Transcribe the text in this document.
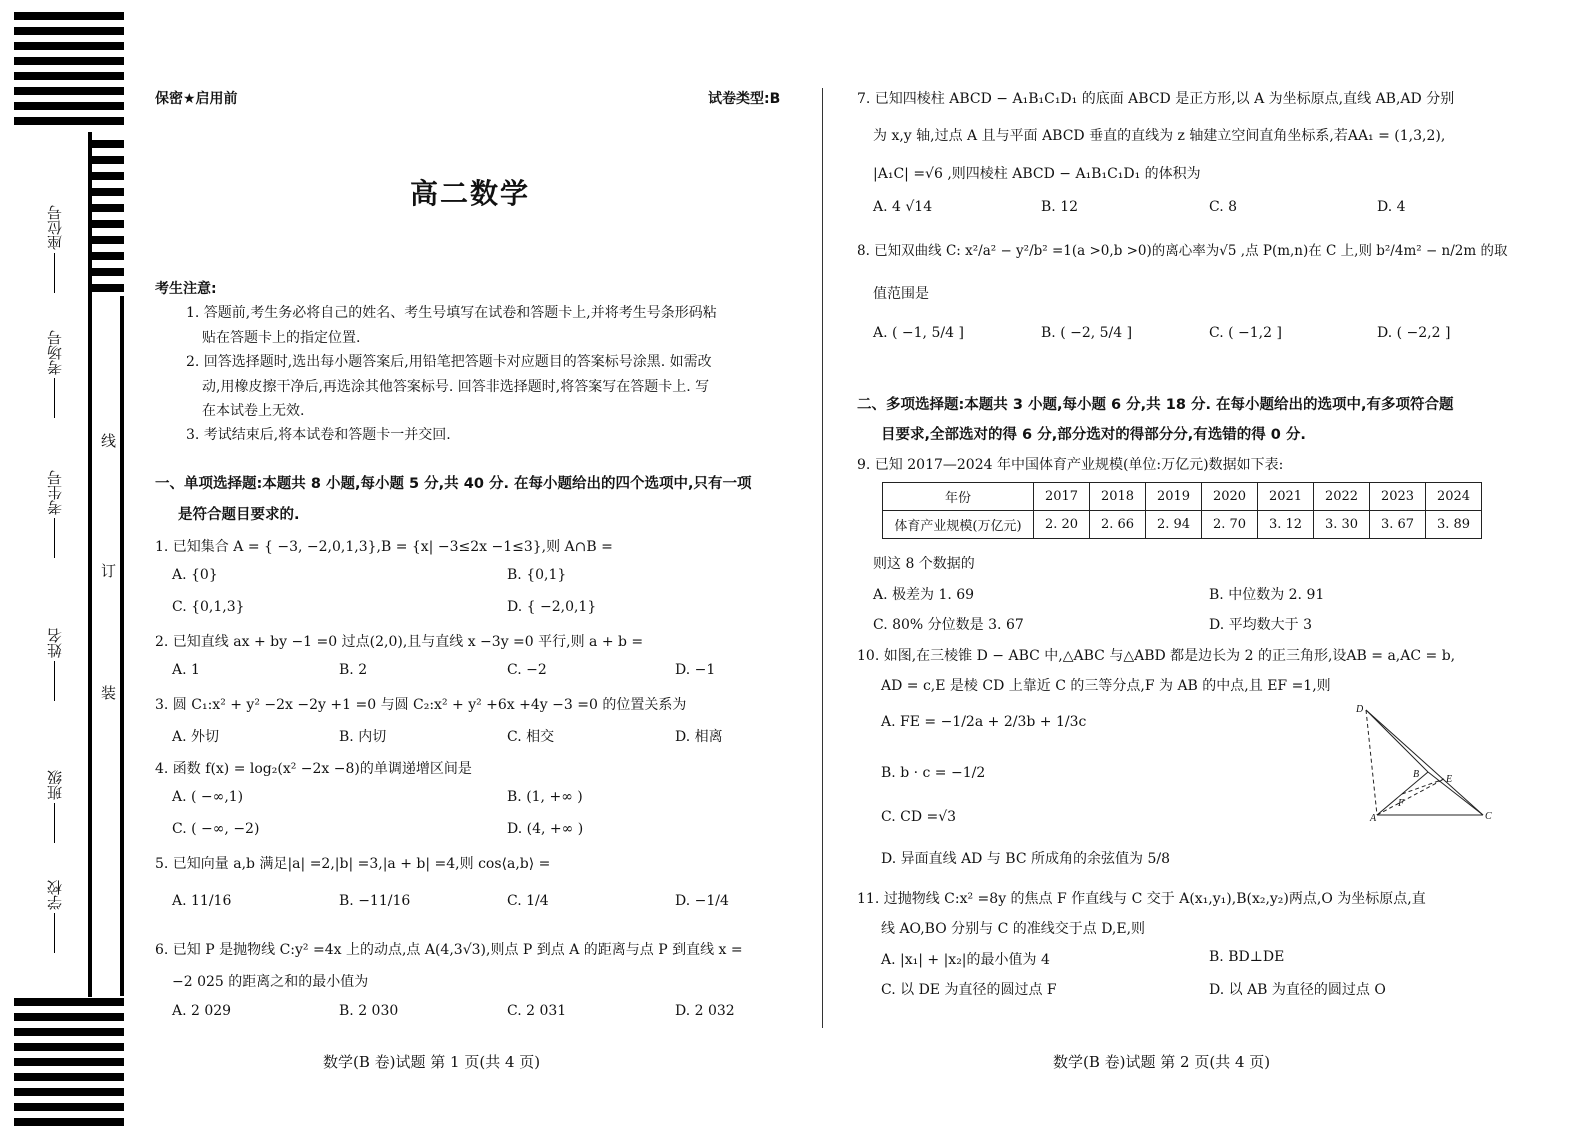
座位号
考场号
考生号
姓名
班级
学校
线
订
装
保密★启用前	试卷类型:B
高二数学
考生注意:
1. 答题前,考生务必将自己的姓名、考生号填写在试卷和答题卡上,并将考生号条形码粘
贴在答题卡上的指定位置.
2. 回答选择题时,选出每小题答案后,用铅笔把答题卡对应题目的答案标号涂黑. 如需改
动,用橡皮擦干净后,再选涂其他答案标号. 回答非选择题时,将答案写在答题卡上. 写
在本试卷上无效.
3. 考试结束后,将本试卷和答题卡一并交回.
一、单项选择题:本题共 8 小题,每小题 5 分,共 40 分. 在每小题给出的四个选项中,只有一项
是符合题目要求的.
1. 已知集合 A = { −3, −2,0,1,3},B = {x| −3≤2x −1≤3},则 A∩B =
A. {0}	B. {0,1}
C. {0,1,3}	D. { −2,0,1}
2. 已知直线 ax + by −1 =0 过点(2,0),且与直线 x −3y =0 平行,则 a + b =
A. 1	B. 2	C. −2	D. −1
3. 圆 C₁:x² + y² −2x −2y +1 =0 与圆 C₂:x² + y² +6x +4y −3 =0 的位置关系为
A. 外切	B. 内切	C. 相交	D. 相离
4. 函数 f(x) = log₂(x² −2x −8)的单调递增区间是
A. ( −∞,1)	B. (1, +∞ )
C. ( −∞, −2)	D. (4, +∞ )
5. 已知向量 a,b 满足|a| =2,|b| =3,|a + b| =4,则 cos⟨a,b⟩ =
A. 11/16	B. −11/16	C. 1/4	D. −1/4
6. 已知 P 是抛物线 C:y² =4x 上的动点,点 A(4,3√3),则点 P 到点 A 的距离与点 P 到直线 x =
−2 025 的距离之和的最小值为
A. 2 029	B. 2 030	C. 2 031	D. 2 032
数学(B 卷)试题 第 1 页(共 4 页)
7. 已知四棱柱 ABCD − A₁B₁C₁D₁ 的底面 ABCD 是正方形,以 A 为坐标原点,直线 AB,AD 分别
为 x,y 轴,过点 A 且与平面 ABCD 垂直的直线为 z 轴建立空间直角坐标系,若AA₁ = (1,3,2),
|A₁C| =√6 ,则四棱柱 ABCD − A₁B₁C₁D₁ 的体积为
A. 4 √14	B. 12	C. 8	D. 4
8. 已知双曲线 C: x²/a² − y²/b² =1(a >0,b >0)的离心率为√5 ,点 P(m,n)在 C 上,则 b²/4m² − n/2m 的取
值范围是
A. ( −1, 5/4 ]	B. ( −2, 5/4 ]	C. ( −1,2 ]	D. ( −2,2 ]
二、多项选择题:本题共 3 小题,每小题 6 分,共 18 分. 在每小题给出的选项中,有多项符合题
目要求,全部选对的得 6 分,部分选对的得部分分,有选错的得 0 分.
9. 已知 2017—2024 年中国体育产业规模(单位:万亿元)数据如下表:
年份	2017	2018	2019	2020	2021	2022	2023	2024
体育产业规模(万亿元)	2. 20	2. 66	2. 94	2. 70	3. 12	3. 30	3. 67	3. 89
则这 8 个数据的
A. 极差为 1. 69	B. 中位数为 2. 91
C. 80% 分位数是 3. 67	D. 平均数大于 3
10. 如图,在三棱锥 D − ABC 中,△ABC 与△ABD 都是边长为 2 的正三角形,设AB = a,AC = b,
AD = c,E 是棱 CD 上靠近 C 的三等分点,F 为 AB 的中点,且 EF =1,则
A. FE = −1/2a + 2/3b + 1/3c
B. b · c = −1/2
C. CD =√3
D. 异面直线 AD 与 BC 所成角的余弦值为 5/8
D
B	E
F
A	C
11. 过抛物线 C:x² =8y 的焦点 F 作直线与 C 交于 A(x₁,y₁),B(x₂,y₂)两点,O 为坐标原点,直
线 AO,BO 分别与 C 的准线交于点 D,E,则
A. |x₁| + |x₂|的最小值为 4	B. BD⊥DE
C. 以 DE 为直径的圆过点 F	D. 以 AB 为直径的圆过点 O
数学(B 卷)试题 第 2 页(共 4 页)
